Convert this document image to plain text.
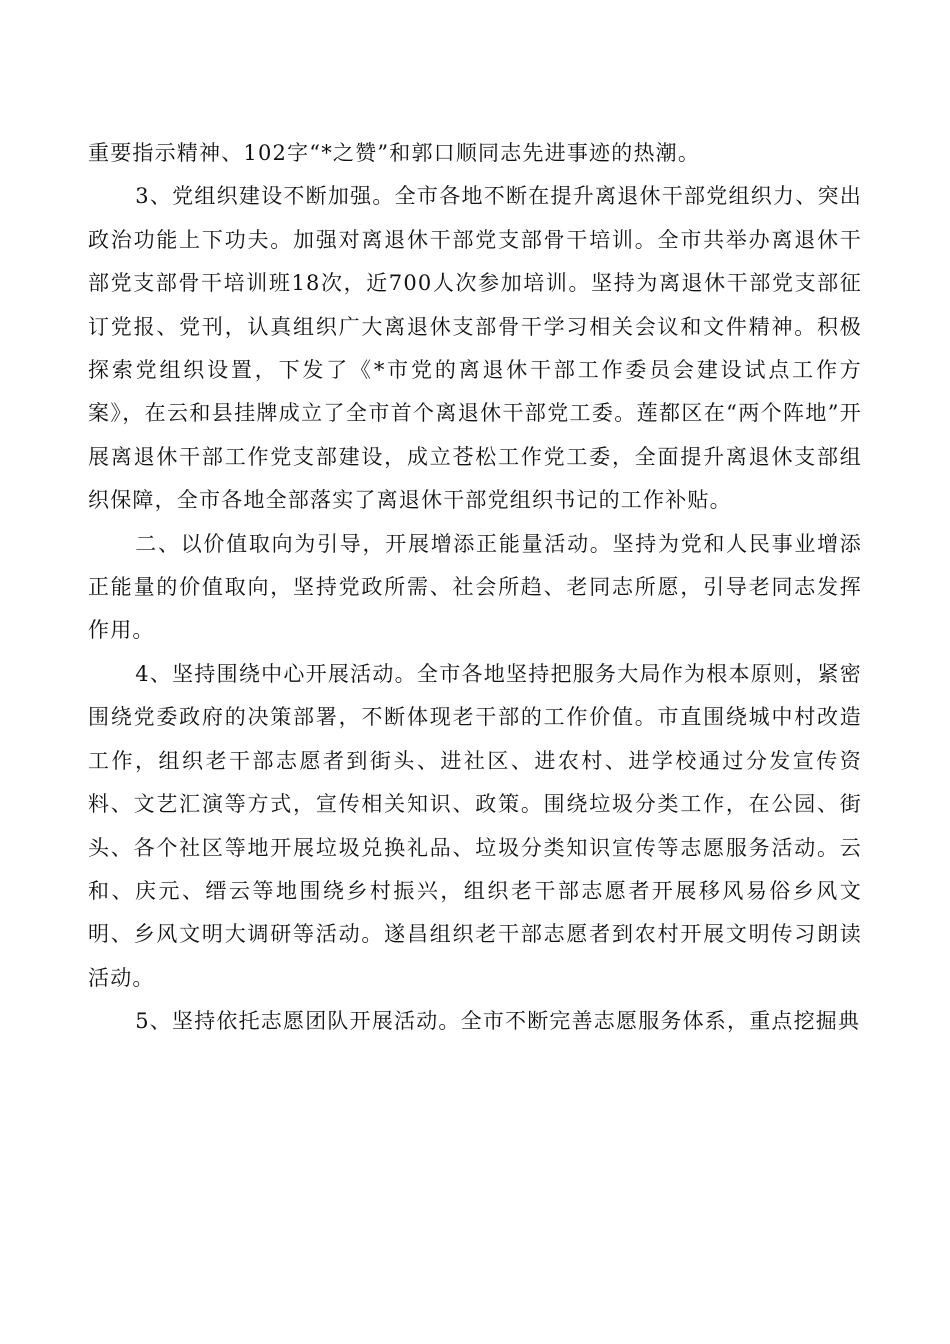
重要指示精神、102字“*之赞”和郭口顺同志先进事迹的热潮。

3、党组织建设不断加强。全市各地不断在提升离退休干部党组织力、突出政治功能上下功夫。加强对离退休干部党支部骨干培训。全市共举办离退休干部党支部骨干培训班18次，近700人次参加培训。坚持为离退休干部党支部征订党报、党刊，认真组织广大离退休支部骨干学习相关会议和文件精神。积极探索党组织设置，下发了《*市党的离退休干部工作委员会建设试点工作方案》，在云和县挂牌成立了全市首个离退休干部党工委。莲都区在“两个阵地”开展离退休干部工作党支部建设，成立苍松工作党工委，全面提升离退休支部组织保障，全市各地全部落实了离退休干部党组织书记的工作补贴。

二、以价值取向为引导，开展增添正能量活动。坚持为党和人民事业增添正能量的价值取向，坚持党政所需、社会所趋、老同志所愿，引导老同志发挥作用。

4、坚持围绕中心开展活动。全市各地坚持把服务大局作为根本原则，紧密围绕党委政府的决策部署，不断体现老干部的工作价值。市直围绕城中村改造工作，组织老干部志愿者到街头、进社区、进农村、进学校通过分发宣传资料、文艺汇演等方式，宣传相关知识、政策。围绕垃圾分类工作，在公园、街头、各个社区等地开展垃圾兑换礼品、垃圾分类知识宣传等志愿服务活动。云和、庆元、缙云等地围绕乡村振兴，组织老干部志愿者开展移风易俗乡风文明、乡风文明大调研等活动。遂昌组织老干部志愿者到农村开展文明传习朗读活动。

5、坚持依托志愿团队开展活动。全市不断完善志愿服务体系，重点挖掘典
